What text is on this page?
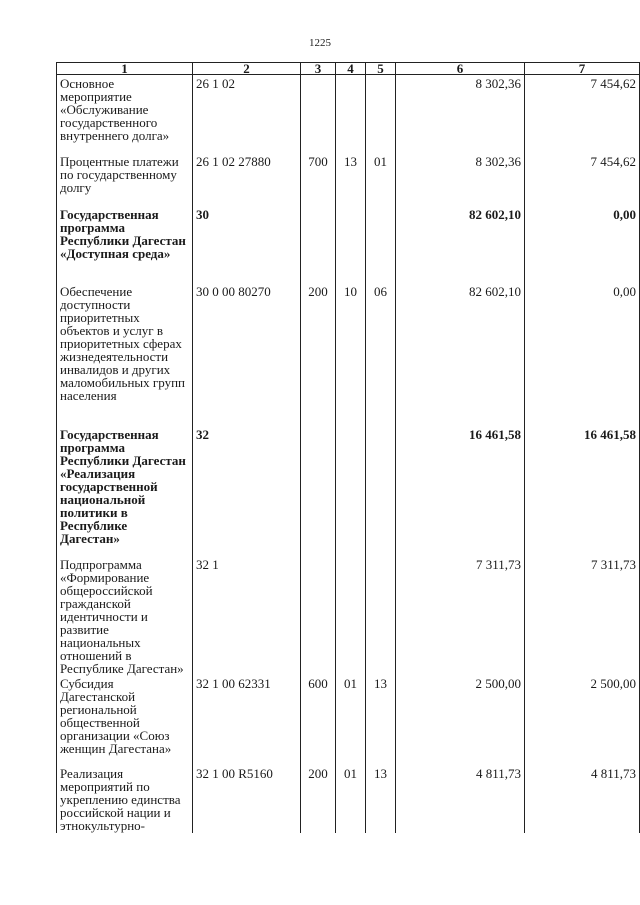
1225
1	2	3	4	5	6	7
Основное мероприятие «Обслуживание государственного внутреннего долга»	26 1 02				8 302,36	7 454,62
Процентные платежи по государственному долгу	26 1 02 27880	700	13	01	8 302,36	7 454,62
Государственная программа Республики Дагестан «Доступная среда»	30				82 602,10	0,00
Обеспечение доступности приоритетных объектов и услуг в приоритетных сферах жизнедеятельности инвалидов и других маломобильных групп населения	30 0 00 80270	200	10	06	82 602,10	0,00
Государственная программа Республики Дагестан «Реализация государственной национальной политики в Республике Дагестан»	32				16 461,58	16 461,58
Подпрограмма «Формирование общероссийской гражданской идентичности и развитие национальных отношений в Республике Дагестан»	32 1				7 311,73	7 311,73
Субсидия Дагестанской региональной общественной организации «Союз женщин Дагестана»	32 1 00 62331	600	01	13	2 500,00	2 500,00
Реализация мероприятий по укреплению единства российской нации и этнокультурно-	32 1 00 R5160	200	01	13	4 811,73	4 811,73
